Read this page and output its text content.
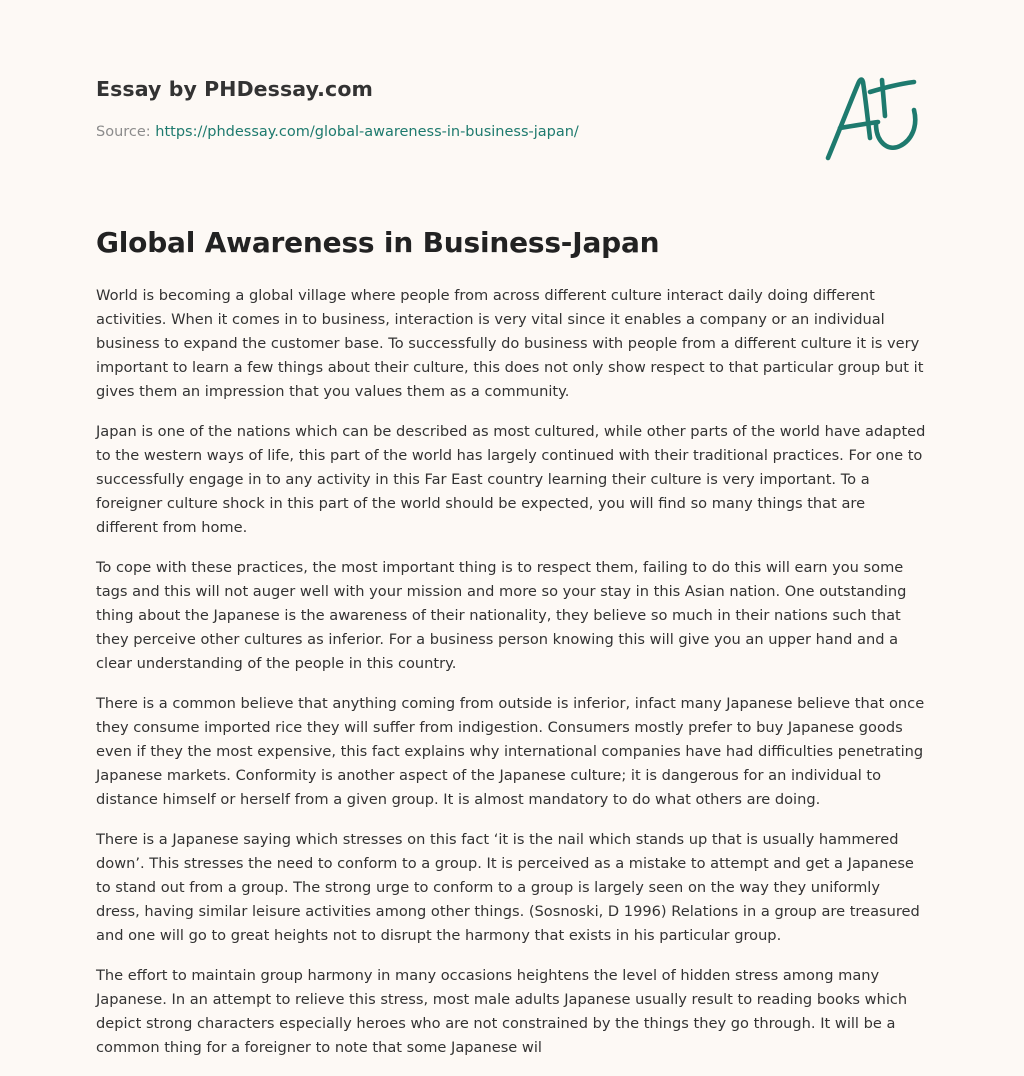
Essay by PHDessay.com
Source: https://phdessay.com/global-awareness-in-business-japan/
Global Awareness in Business-Japan

World is becoming a global village where people from across different culture interact daily doing different activities. When it comes in to business, interaction is very vital since it enables a company or an individual business to expand the customer base. To successfully do business with people from a different culture it is very important to learn a few things about their culture, this does not only show respect to that particular group but it gives them an impression that you values them as a community.

Japan is one of the nations which can be described as most cultured, while other parts of the world have adapted to the western ways of life, this part of the world has largely continued with their traditional practices. For one to successfully engage in to any activity in this Far East country learning their culture is very important. To a foreigner culture shock in this part of the world should be expected, you will find so many things that are different from home.

To cope with these practices, the most important thing is to respect them, failing to do this will earn you some tags and this will not auger well with your mission and more so your stay in this Asian nation. One outstanding thing about the Japanese is the awareness of their nationality, they believe so much in their nations such that they perceive other cultures as inferior. For a business person knowing this will give you an upper hand and a clear understanding of the people in this country.

There is a common believe that anything coming from outside is inferior, infact many Japanese believe that once they consume imported rice they will suffer from indigestion. Consumers mostly prefer to buy Japanese goods even if they the most expensive, this fact explains why international companies have had difficulties penetrating Japanese markets. Conformity is another aspect of the Japanese culture; it is dangerous for an individual to distance himself or herself from a given group. It is almost mandatory to do what others are doing.

There is a Japanese saying which stresses on this fact ‘it is the nail which stands up that is usually hammered down’. This stresses the need to conform to a group. It is perceived as a mistake to attempt and get a Japanese to stand out from a group. The strong urge to conform to a group is largely seen on the way they uniformly dress, having similar leisure activities among other things. (Sosnoski, D 1996) Relations in a group are treasured and one will go to great heights not to disrupt the harmony that exists in his particular group.

The effort to maintain group harmony in many occasions heightens the level of hidden stress among many Japanese. In an attempt to relieve this stress, most male adults Japanese usually result to reading books which depict strong characters especially heroes who are not constrained by the things they go through. It will be a common thing for a foreigner to note that some Japanese wil
